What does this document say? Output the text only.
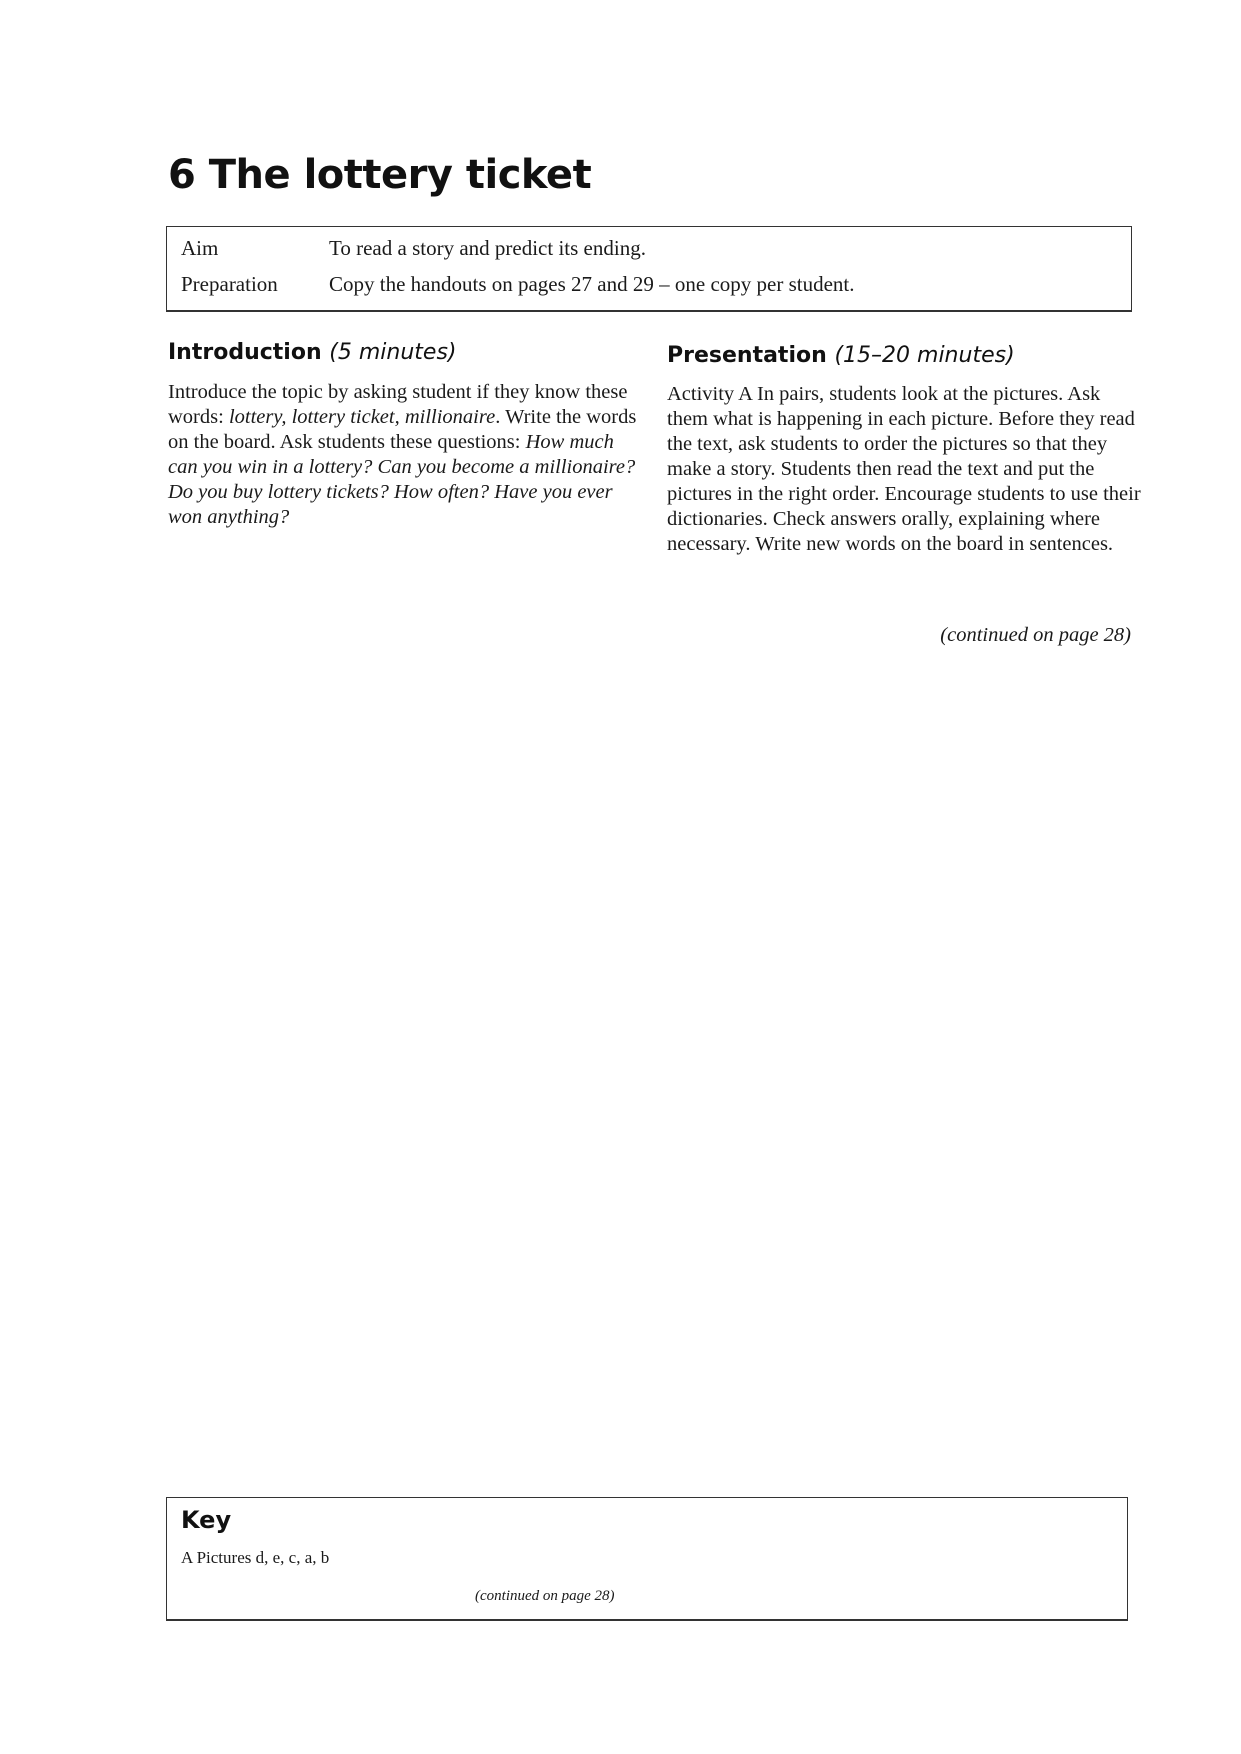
6 The lottery ticket
Aim	To read a story and predict its ending.
Preparation Copy the handouts on pages 27 and 29 – one copy per student.
Introduction (5 minutes)

Introduce the topic by asking student if they know these words: lottery, lottery ticket, millionaire. Write the words on the board. Ask students these questions: How much can you win in a lottery? Can you become a millionaire? Do you buy lottery tickets? How often? Have you ever won anything?

Presentation (15–20 minutes)

Activity A In pairs, students look at the pictures. Ask them what is happening in each picture. Before they read the text, ask students to order the pictures so that they make a story. Students then read the text and put the pictures in the right order. Encourage students to use their dictionaries. Check answers orally, explaining where necessary. Write new words on the board in sentences.

(continued on page 28)
Key
A Pictures d, e, c, a, b
(continued on page 28)
